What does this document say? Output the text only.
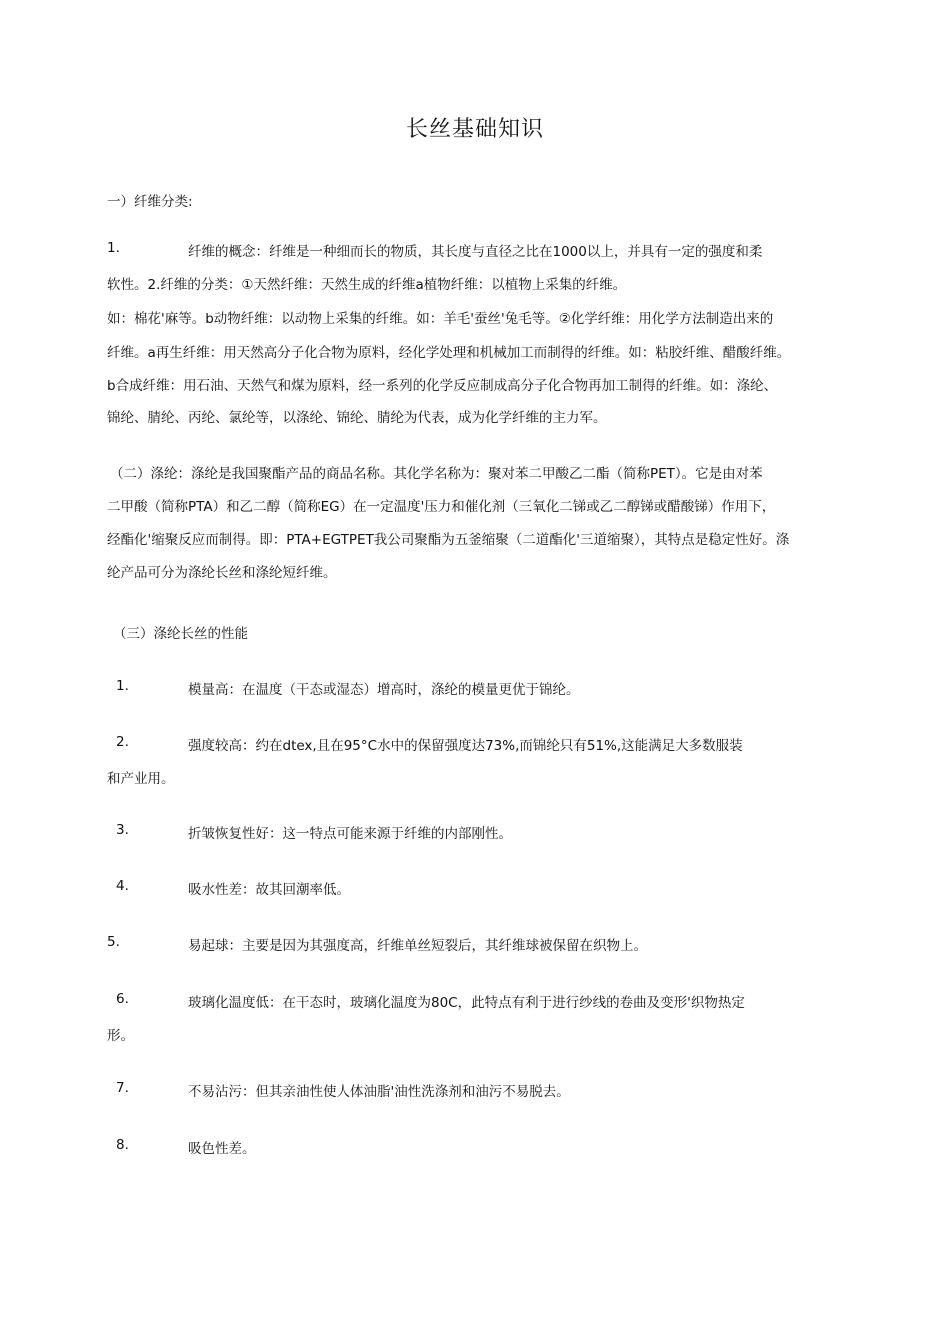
长丝基础知识
一）纤维分类:
1.	纤维的概念：纤维是一种细而长的物质，其长度与直径之比在1000以上，并具有一定的强度和柔
软性。2.纤维的分类：①天然纤维：天然生成的纤维a植物纤维：以植物上采集的纤维。
如：棉花'麻等。b动物纤维：以动物上采集的纤维。如：羊毛'蚕丝'兔毛等。②化学纤维：用化学方法制造出来的
纤维。a再生纤维：用天然高分子化合物为原料，经化学处理和机械加工而制得的纤维。如：粘胶纤维、醋酸纤维。
b合成纤维：用石油、天然气和煤为原料，经一系列的化学反应制成高分子化合物再加工制得的纤维。如：涤纶、
锦纶、腈纶、丙纶、氯纶等，以涤纶、锦纶、腈纶为代表，成为化学纤维的主力军。
（二）涤纶：涤纶是我国聚酯产品的商品名称。其化学名称为：聚对苯二甲酸乙二酯（简称PET）。它是由对苯
二甲酸（简称PTA）和乙二醇（简称EG）在一定温度'压力和催化剂（三氧化二锑或乙二醇锑或醋酸锑）作用下，
经酯化'缩聚反应而制得。即：PTA+EGTPET我公司聚酯为五釜缩聚（二道酯化'三道缩聚），其特点是稳定性好。涤
纶产品可分为涤纶长丝和涤纶短纤维。
（三）涤纶长丝的性能
1.	模量高：在温度（干态或湿态）增高时，涤纶的模量更优于锦纶。
2.	强度较高：约在dtex,且在95°C水中的保留强度达73%,而锦纶只有51%,这能满足大多数服装
和产业用。
3.	折皱恢复性好：这一特点可能来源于纤维的内部刚性。
4.	吸水性差：故其回潮率低。
5.	易起球：主要是因为其强度高，纤维单丝短裂后，其纤维球被保留在织物上。
6.	玻璃化温度低：在干态时，玻璃化温度为80C，此特点有利于进行纱线的卷曲及变形'织物热定
形。
7.	不易沾污：但其亲油性使人体油脂'油性洗涤剂和油污不易脱去。
8.	吸色性差。
